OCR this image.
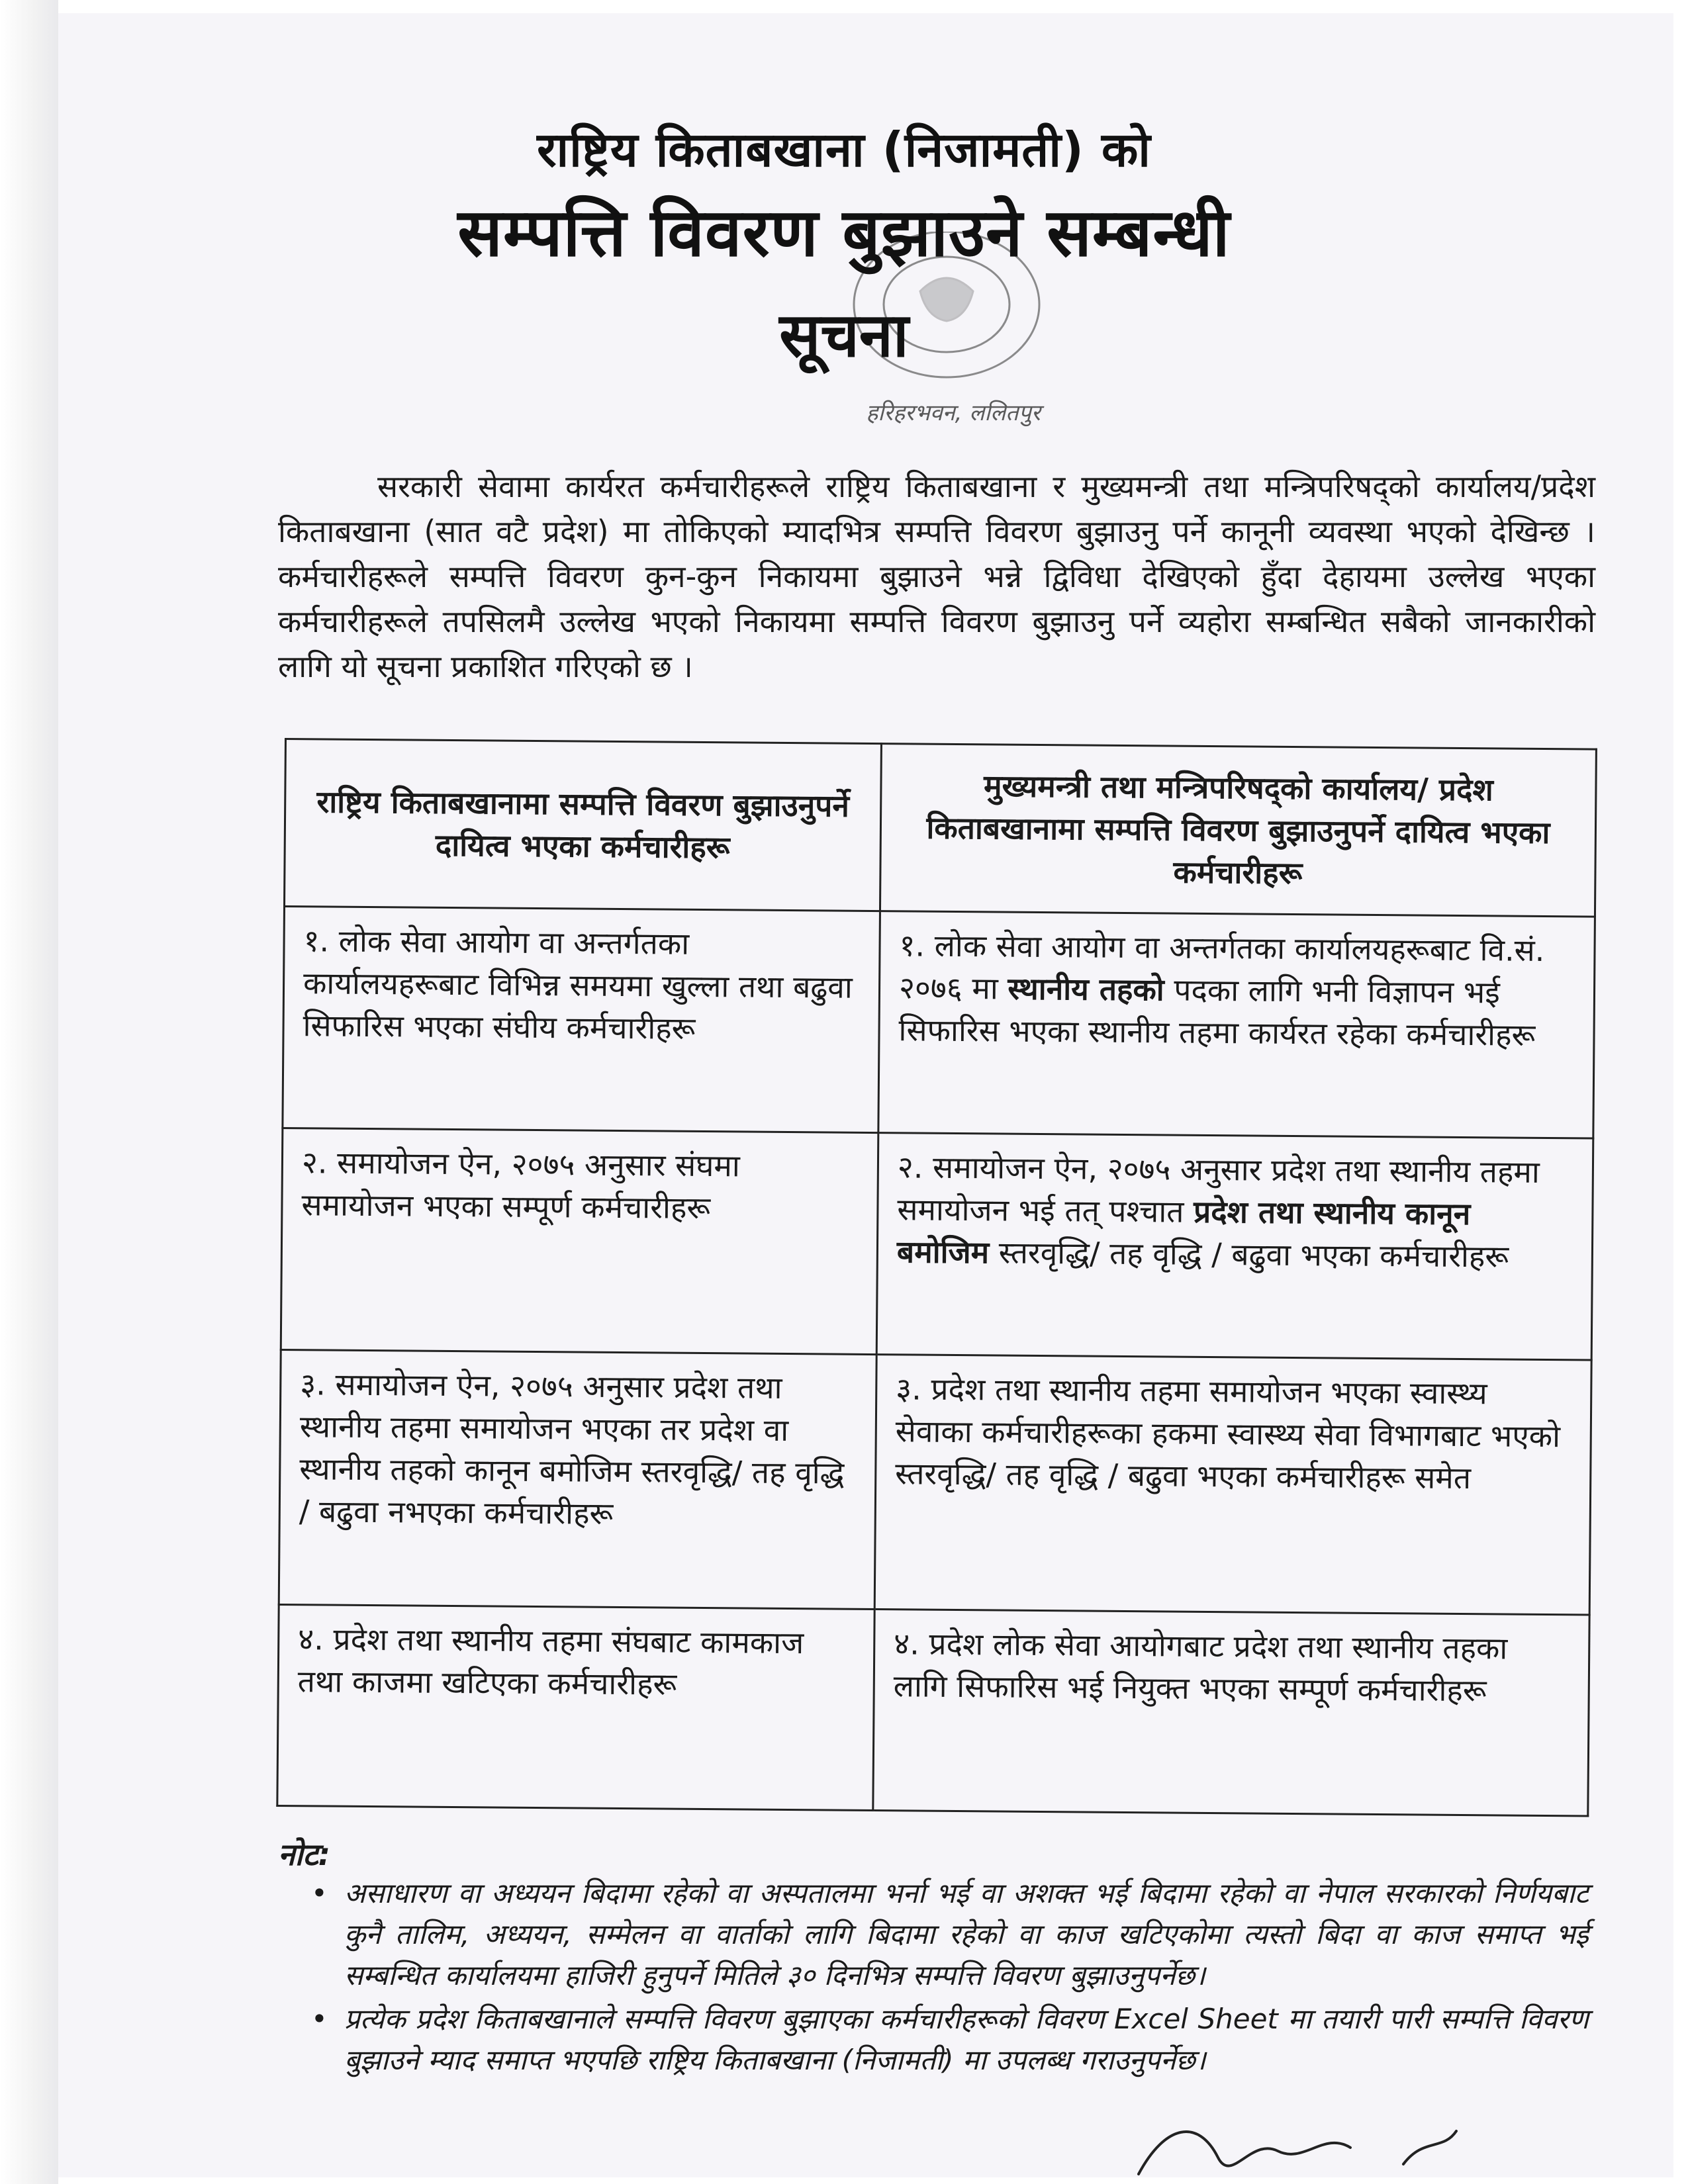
हरिहरभवन, ललितपुर
राष्ट्रिय किताबखाना (निजामती) को
सम्पत्ति विवरण बुझाउने सम्बन्धी
सूचना

सरकारी सेवामा कार्यरत कर्मचारीहरूले राष्ट्रिय किताबखाना र मुख्यमन्त्री तथा मन्त्रिपरिषद्को कार्यालय/प्रदेश किताबखाना (सात वटै प्रदेश) मा तोकिएको म्यादभित्र सम्पत्ति विवरण बुझाउनु पर्ने कानूनी व्यवस्था भएको देखिन्छ । कर्मचारीहरूले सम्पत्ति विवरण कुन-कुन निकायमा बुझाउने भन्ने द्विविधा देखिएको हुँदा देहायमा उल्लेख भएका कर्मचारीहरूले तपसिलमै उल्लेख भएको निकायमा सम्पत्ति विवरण बुझाउनु पर्ने व्यहोरा सम्बन्धित सबैको जानकारीको लागि यो सूचना प्रकाशित गरिएको छ ।

राष्ट्रिय किताबखानामा सम्पत्ति विवरण बुझाउनुपर्ने दायित्व भएका कर्मचारीहरू	मुख्यमन्त्री तथा मन्त्रिपरिषद्को कार्यालय/ प्रदेश किताबखानामा सम्पत्ति विवरण बुझाउनुपर्ने दायित्व भएका कर्मचारीहरू
१. लोक सेवा आयोग वा अन्तर्गतका कार्यालयहरूबाट विभिन्न समयमा खुल्ला तथा बढुवा सिफारिस भएका संघीय कर्मचारीहरू	१. लोक सेवा आयोग वा अन्तर्गतका कार्यालयहरूबाट वि.सं. २०७६ मा स्थानीय तहको पदका लागि भनी विज्ञापन भई सिफारिस भएका स्थानीय तहमा कार्यरत रहेका कर्मचारीहरू
२. समायोजन ऐन, २०७५ अनुसार संघमा समायोजन भएका सम्पूर्ण कर्मचारीहरू	२. समायोजन ऐन, २०७५ अनुसार प्रदेश तथा स्थानीय तहमा समायोजन भई तत् पश्चात प्रदेश तथा स्थानीय कानून बमोजिम स्तरवृद्धि/ तह वृद्धि / बढुवा भएका कर्मचारीहरू
३. समायोजन ऐन, २०७५ अनुसार प्रदेश तथा स्थानीय तहमा समायोजन भएका तर प्रदेश वा स्थानीय तहको कानून बमोजिम स्तरवृद्धि/ तह वृद्धि / बढुवा नभएका कर्मचारीहरू	३. प्रदेश तथा स्थानीय तहमा समायोजन भएका स्वास्थ्य सेवाका कर्मचारीहरूका हकमा स्वास्थ्य सेवा विभागबाट भएको स्तरवृद्धि/ तह वृद्धि / बढुवा भएका कर्मचारीहरू समेत
४. प्रदेश तथा स्थानीय तहमा संघबाट कामकाज तथा काजमा खटिएका कर्मचारीहरू	४. प्रदेश लोक सेवा आयोगबाट प्रदेश तथा स्थानीय तहका लागि सिफारिस भई नियुक्त भएका सम्पूर्ण कर्मचारीहरू
नोट:
• असाधारण वा अध्ययन बिदामा रहेको वा अस्पतालमा भर्ना भई वा अशक्त भई बिदामा रहेको वा नेपाल सरकारको निर्णयबाट कुनै तालिम, अध्ययन, सम्मेलन वा वार्ताको लागि बिदामा रहेको वा काज खटिएकोमा त्यस्तो बिदा वा काज समाप्त भई सम्बन्धित कार्यालयमा हाजिरी हुनुपर्ने मितिले ३० दिनभित्र सम्पत्ति विवरण बुझाउनुपर्नेछ।
• प्रत्येक प्रदेश किताबखानाले सम्पत्ति विवरण बुझाएका कर्मचारीहरूको विवरण Excel Sheet मा तयारी पारी सम्पत्ति विवरण बुझाउने म्याद समाप्त भएपछि राष्ट्रिय किताबखाना (निजामती) मा उपलब्ध गराउनुपर्नेछ।
